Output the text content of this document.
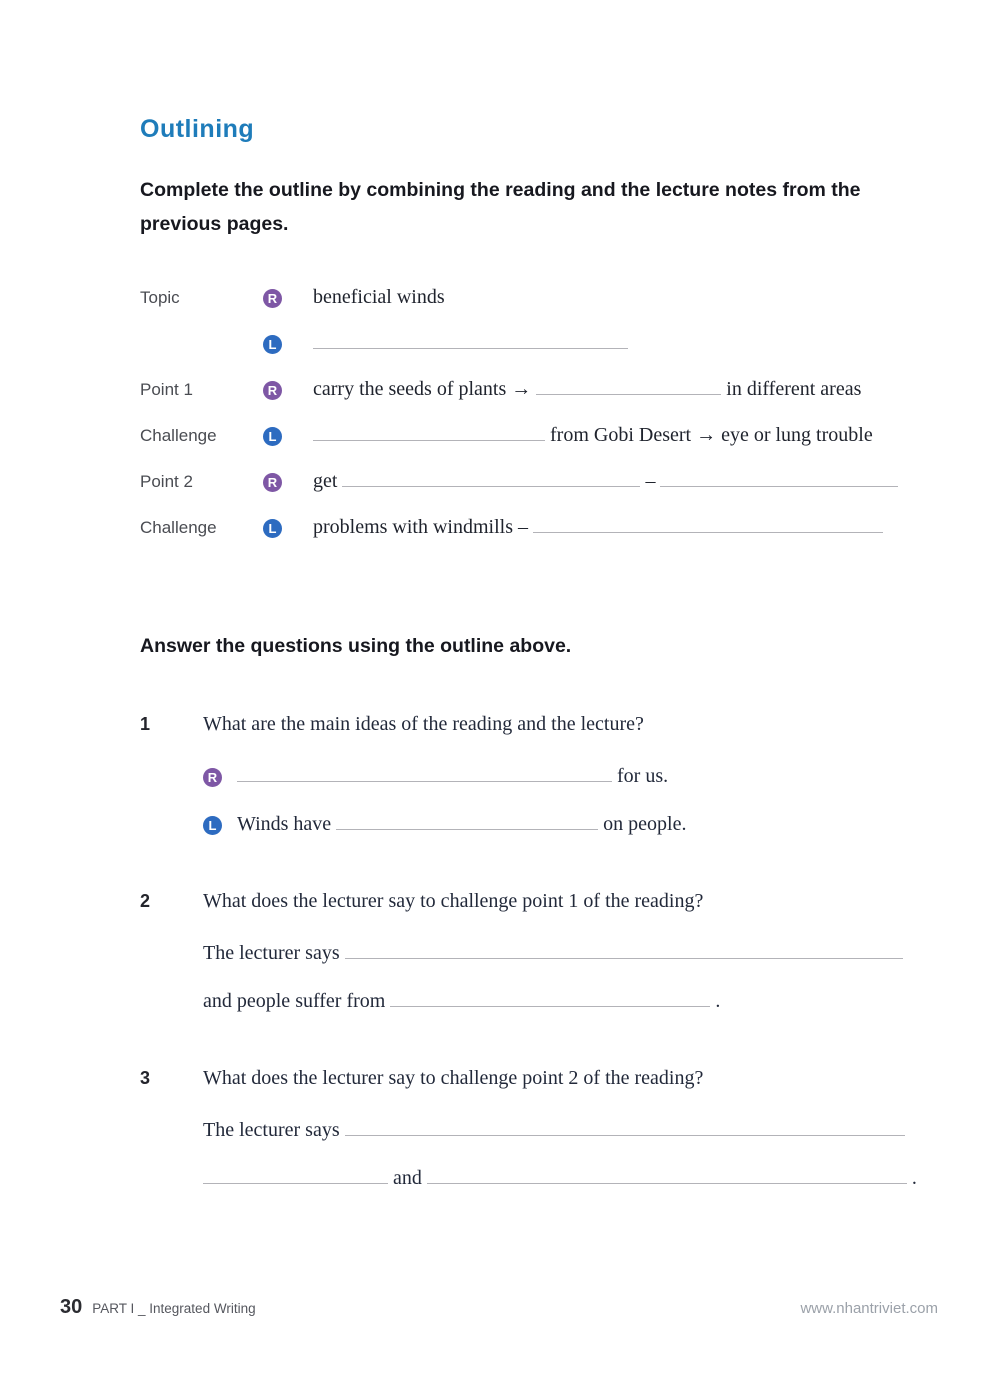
Outlining

Complete the outline by combining the reading and the lecture notes from the previous pages.

Topic	R	beneficial winds
L
Point 1	R	carry the seeds of plants →	in different areas
Challenge	L	from Gobi Desert → eye or lung trouble
Point 2	R	get	–
Challenge	L	problems with windmills –

Answer the questions using the outline above.

1	What are the main ideas of the reading and the lecture?
R	for us.
L Winds have	on people.
2	What does the lecturer say to challenge point 1 of the reading?
The lecturer says
and people suffer from	.
3	What does the lecturer say to challenge point 2 of the reading?
The lecturer says
and	.
30 PART I _ Integrated Writing	www.nhantriviet.com
